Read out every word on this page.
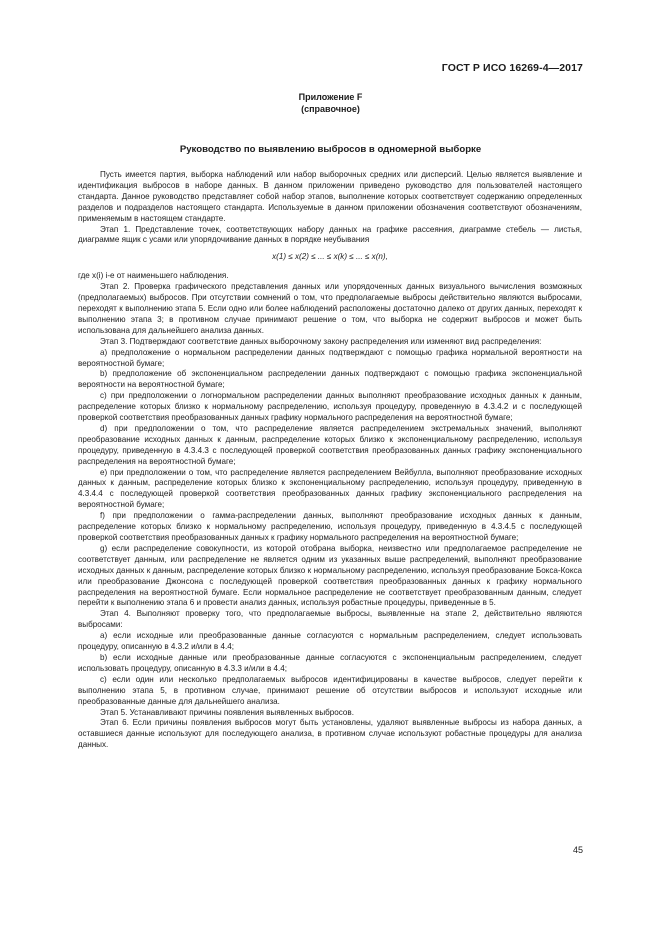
ГОСТ Р ИСО 16269-4—2017
Приложение F
(справочное)
Руководство по выявлению выбросов в одномерной выборке

Пусть имеется партия, выборка наблюдений или набор выборочных средних или дисперсий. Целью является выявление и идентификация выбросов в наборе данных. В данном приложении приведено руководство для пользователей настоящего стандарта. Данное руководство представляет собой набор этапов, выполнение которых соответствует содержанию определенных разделов и подразделов настоящего стандарта. Используемые в данном приложении обозначения соответствуют обозначениям, применяемым в настоящем стандарте.

Этап 1. Представление точек, соответствующих набору данных на графике рассеяния, диаграмме стебель — листья, диаграмме ящик с усами или упорядочивание данных в порядке неубывания

x(1) ≤ x(2) ≤ ... ≤ x(k) ≤ ... ≤ x(n),

где x(i) i-е от наименьшего наблюдения.

Этап 2. Проверка графического представления данных или упорядоченных данных визуального вычисления возможных (предполагаемых) выбросов. При отсутствии сомнений о том, что предполагаемые выбросы действительно являются выбросами, переходят к выполнению этапа 5. Если одно или более наблюдений расположены достаточно далеко от других данных, переходят к выполнению этапа 3; в противном случае принимают решение о том, что выборка не содержит выбросов и может быть использована для дальнейшего анализа данных.

Этап 3. Подтверждают соответствие данных выборочному закону распределения или изменяют вид распределения:

a) предположение о нормальном распределении данных подтверждают с помощью графика нормальной вероятности на вероятностной бумаге;

b) предположение об экспоненциальном распределении данных подтверждают с помощью графика экспоненциальной вероятности на вероятностной бумаге;

c) при предположении о логнормальном распределении данных выполняют преобразование исходных данных к данным, распределение которых близко к нормальному распределению, используя процедуру, проведенную в 4.3.4.2 и с последующей проверкой соответствия преобразованных данных графику нормального распределения на вероятностной бумаге;

d) при предположении о том, что распределение является распределением экстремальных значений, выполняют преобразование исходных данных к данным, распределение которых близко к экспоненциальному распределению, используя процедуру, приведенную в 4.3.4.3 с последующей проверкой соответствия преобразованных данных графику экспоненциального распределения на вероятностной бумаге;

e) при предположении о том, что распределение является распределением Вейбулла, выполняют преобразование исходных данных к данным, распределение которых близко к экспоненциальному распределению, используя процедуру, приведенную в 4.3.4.4 с последующей проверкой соответствия преобразованных данных графику экспоненциального распределения на вероятностной бумаге;

f) при предположении о гамма-распределении данных, выполняют преобразование исходных данных к данным, распределение которых близко к нормальному распределению, используя процедуру, приведенную в 4.3.4.5 с последующей проверкой соответствия преобразованных данных к графику нормального распределения на вероятностной бумаге;

g) если распределение совокупности, из которой отобрана выборка, неизвестно или предполагаемое распределение не соответствует данным, или распределение не является одним из указанных выше распределений, выполняют преобразование исходных данных к данным, распределение которых близко к нормальному распределению, используя преобразование Бокса-Кокса или преобразование Джонсона с последующей проверкой соответствия преобразованных данных к графику нормального распределения на вероятностной бумаге. Если нормальное распределение не соответствует преобразованным данным, следует перейти к выполнению этапа 6 и провести анализ данных, используя робастные процедуры, приведенные в 5.

Этап 4. Выполняют проверку того, что предполагаемые выбросы, выявленные на этапе 2, действительно являются выбросами:

a) если исходные или преобразованные данные согласуются с нормальным распределением, следует использовать процедуру, описанную в 4.3.2 и/или в 4.4;

b) если исходные данные или преобразованные данные согласуются с экспоненциальным распределением, следует использовать процедуру, описанную в 4.3.3 и/или в 4.4;

c) если один или несколько предполагаемых выбросов идентифицированы в качестве выбросов, следует перейти к выполнению этапа 5, в противном случае, принимают решение об отсутствии выбросов и используют исходные или преобразованные данные для дальнейшего анализа.

Этап 5. Устанавливают причины появления выявленных выбросов.

Этап 6. Если причины появления выбросов могут быть установлены, удаляют выявленные выбросы из набора данных, а оставшиеся данные используют для последующего анализа, в противном случае используют робастные процедуры для анализа данных.

45
